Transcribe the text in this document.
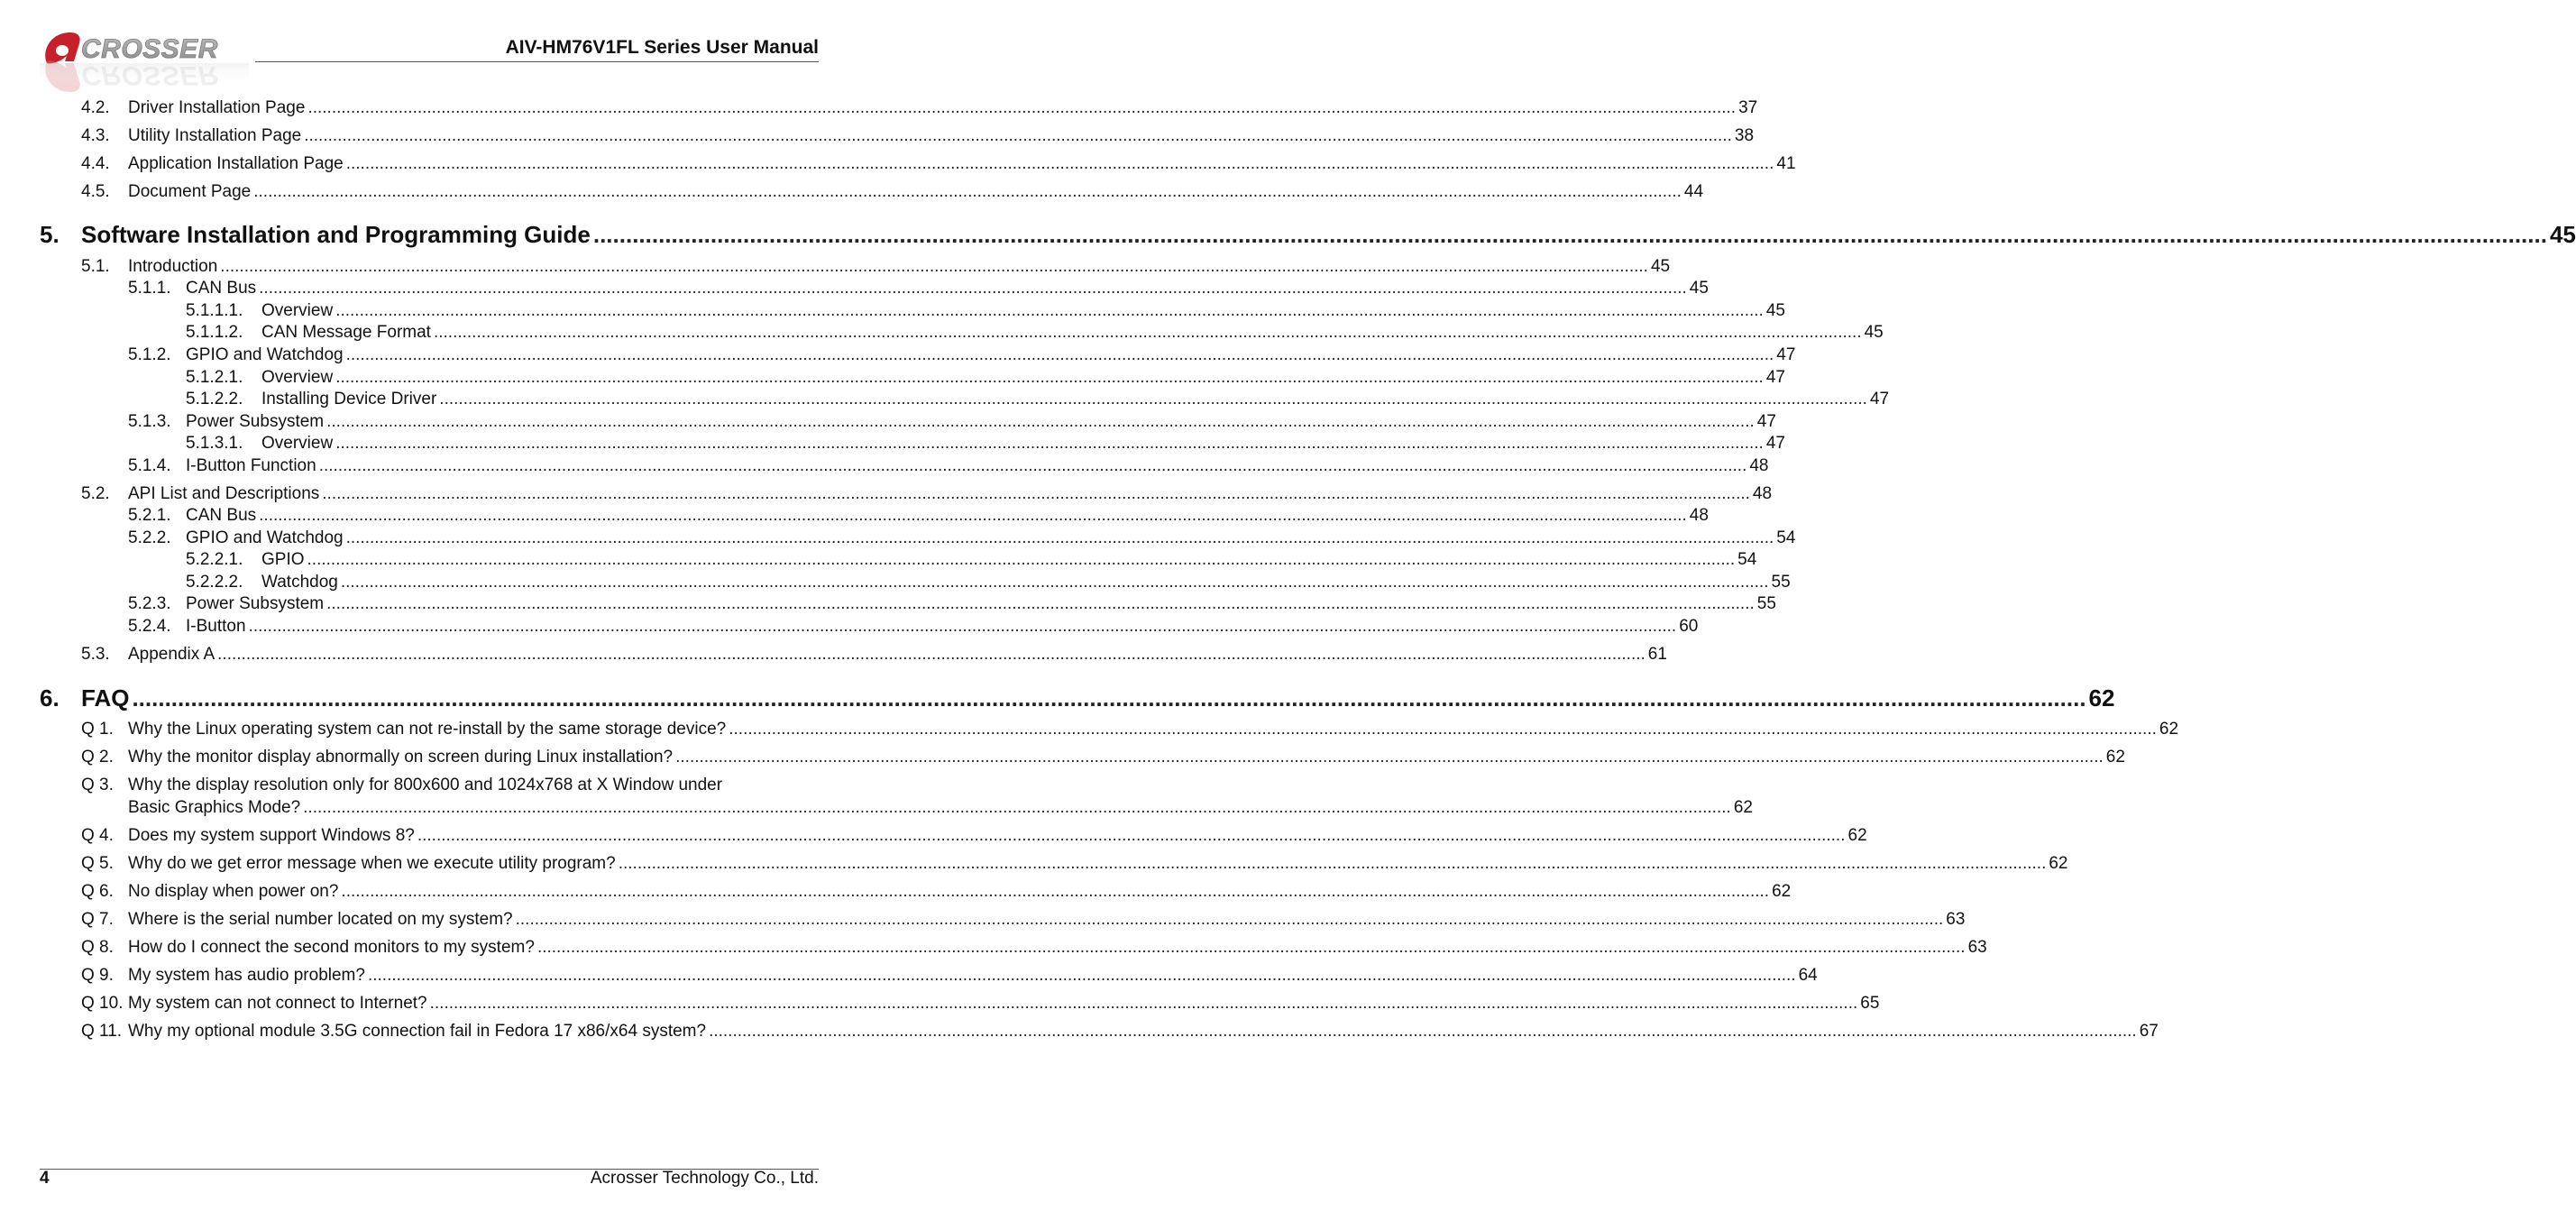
CROSSER
CROSSER
AIV-HM76V1FL Series User Manual
4.2.	Driver Installation Page ............................................................................................................................................................................................................................................................................................................ 37
4.3.	Utility Installation Page ............................................................................................................................................................................................................................................................................................................ 38
4.4.	Application Installation Page ............................................................................................................................................................................................................................................................................................................ 41
4.5.	Document Page ............................................................................................................................................................................................................................................................................................................ 44
5. Software Installation and Programming Guide ............................................................................................................................................................................................................................................................................................................ 45
5.1.	Introduction ............................................................................................................................................................................................................................................................................................................ 45
5.1.1. CAN Bus ............................................................................................................................................................................................................................................................................................................ 45
5.1.1.1.	Overview ............................................................................................................................................................................................................................................................................................................ 45
5.1.1.2.	CAN Message Format ............................................................................................................................................................................................................................................................................................................ 45
5.1.2. GPIO and Watchdog ............................................................................................................................................................................................................................................................................................................ 47
5.1.2.1.	Overview ............................................................................................................................................................................................................................................................................................................ 47
5.1.2.2.	Installing Device Driver ............................................................................................................................................................................................................................................................................................................ 47
5.1.3. Power Subsystem ............................................................................................................................................................................................................................................................................................................ 47
5.1.3.1.	Overview ............................................................................................................................................................................................................................................................................................................ 47
5.1.4. I-Button Function ............................................................................................................................................................................................................................................................................................................ 48
5.2.	API List and Descriptions ............................................................................................................................................................................................................................................................................................................ 48
5.2.1. CAN Bus ............................................................................................................................................................................................................................................................................................................ 48
5.2.2. GPIO and Watchdog ............................................................................................................................................................................................................................................................................................................ 54
5.2.2.1.	GPIO ............................................................................................................................................................................................................................................................................................................ 54
5.2.2.2.	Watchdog ............................................................................................................................................................................................................................................................................................................ 55
5.2.3. Power Subsystem ............................................................................................................................................................................................................................................................................................................ 55
5.2.4. I-Button ............................................................................................................................................................................................................................................................................................................ 60
5.3.	Appendix A ............................................................................................................................................................................................................................................................................................................ 61
6. FAQ ............................................................................................................................................................................................................................................................................................................ 62
Q 1. Why the Linux operating system can not re-install by the same storage device? ............................................................................................................................................................................................................................................................................................................ 62
Q 2. Why the monitor display abnormally on screen during Linux installation? ............................................................................................................................................................................................................................................................................................................ 62
Q 3. Why the display resolution only for 800x600 and 1024x768 at X Window under
Basic Graphics Mode? ............................................................................................................................................................................................................................................................................................................ 62
Q 4. Does my system support Windows 8? ............................................................................................................................................................................................................................................................................................................ 62
Q 5. Why do we get error message when we execute utility program? ............................................................................................................................................................................................................................................................................................................ 62
Q 6. No display when power on? ............................................................................................................................................................................................................................................................................................................ 62
Q 7. Where is the serial number located on my system? ............................................................................................................................................................................................................................................................................................................ 63
Q 8. How do I connect the second monitors to my system? ............................................................................................................................................................................................................................................................................................................ 63
Q 9. My system has audio problem? ............................................................................................................................................................................................................................................................................................................ 64
Q 10. My system can not connect to Internet? ............................................................................................................................................................................................................................................................................................................ 65
Q 11. Why my optional module 3.5G connection fail in Fedora 17 x86/x64 system? ............................................................................................................................................................................................................................................................................................................ 67
4	Acrosser Technology Co., Ltd.
